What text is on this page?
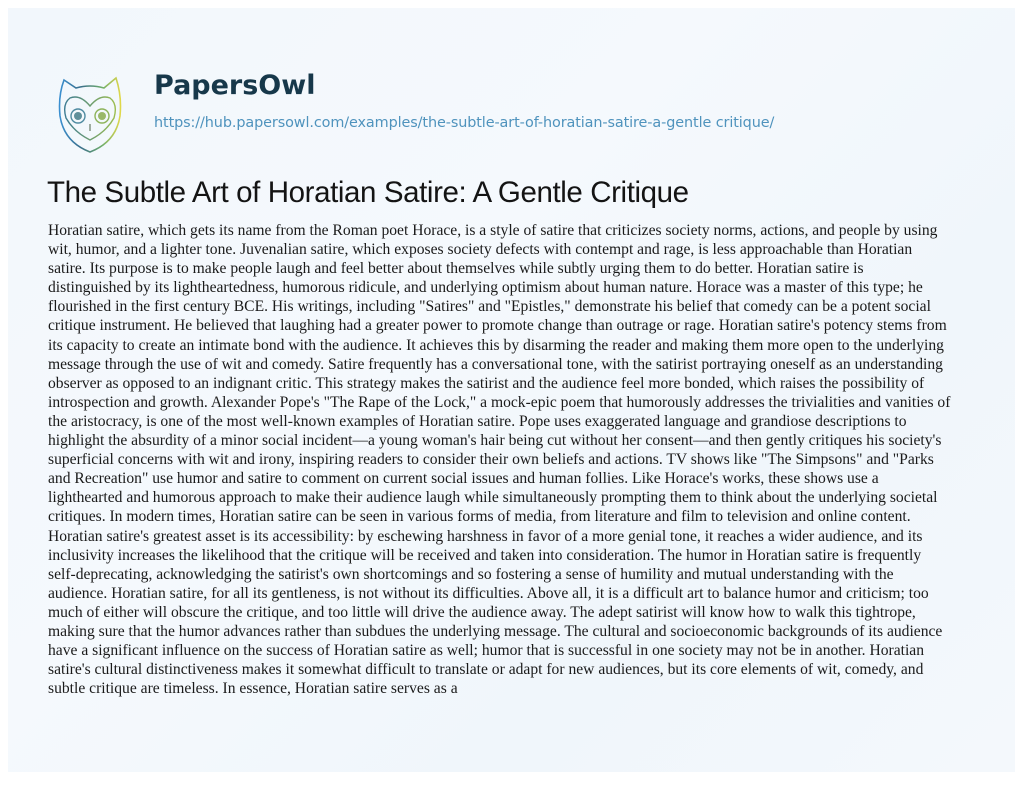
PapersOwl
https://hub.papersowl.com/examples/the-subtle-art-of-horatian-satire-a-gentle critique/
The Subtle Art of Horatian Satire: A Gentle Critique
Horatian satire, which gets its name from the Roman poet Horace, is a style of satire that criticizes society norms, actions, and people by using
wit, humor, and a lighter tone. Juvenalian satire, which exposes society defects with contempt and rage, is less approachable than Horatian
satire. Its purpose is to make people laugh and feel better about themselves while subtly urging them to do better. Horatian satire is
distinguished by its lightheartedness, humorous ridicule, and underlying optimism about human nature. Horace was a master of this type; he
flourished in the first century BCE. His writings, including "Satires" and "Epistles," demonstrate his belief that comedy can be a potent social
critique instrument. He believed that laughing had a greater power to promote change than outrage or rage. Horatian satire's potency stems from
its capacity to create an intimate bond with the audience. It achieves this by disarming the reader and making them more open to the underlying
message through the use of wit and comedy. Satire frequently has a conversational tone, with the satirist portraying oneself as an understanding
observer as opposed to an indignant critic. This strategy makes the satirist and the audience feel more bonded, which raises the possibility of
introspection and growth. Alexander Pope's "The Rape of the Lock," a mock-epic poem that humorously addresses the trivialities and vanities of
the aristocracy, is one of the most well-known examples of Horatian satire. Pope uses exaggerated language and grandiose descriptions to
highlight the absurdity of a minor social incident—a young woman's hair being cut without her consent—and then gently critiques his society's
superficial concerns with wit and irony, inspiring readers to consider their own beliefs and actions. TV shows like "The Simpsons" and "Parks
and Recreation" use humor and satire to comment on current social issues and human follies. Like Horace's works, these shows use a
lighthearted and humorous approach to make their audience laugh while simultaneously prompting them to think about the underlying societal
critiques. In modern times, Horatian satire can be seen in various forms of media, from literature and film to television and online content.
Horatian satire's greatest asset is its accessibility: by eschewing harshness in favor of a more genial tone, it reaches a wider audience, and its
inclusivity increases the likelihood that the critique will be received and taken into consideration. The humor in Horatian satire is frequently
self-deprecating, acknowledging the satirist's own shortcomings and so fostering a sense of humility and mutual understanding with the
audience. Horatian satire, for all its gentleness, is not without its difficulties. Above all, it is a difficult art to balance humor and criticism; too
much of either will obscure the critique, and too little will drive the audience away. The adept satirist will know how to walk this tightrope,
making sure that the humor advances rather than subdues the underlying message. The cultural and socioeconomic backgrounds of its audience
have a significant influence on the success of Horatian satire as well; humor that is successful in one society may not be in another. Horatian
satire's cultural distinctiveness makes it somewhat difficult to translate or adapt for new audiences, but its core elements of wit, comedy, and
subtle critique are timeless. In essence, Horatian satire serves as a
